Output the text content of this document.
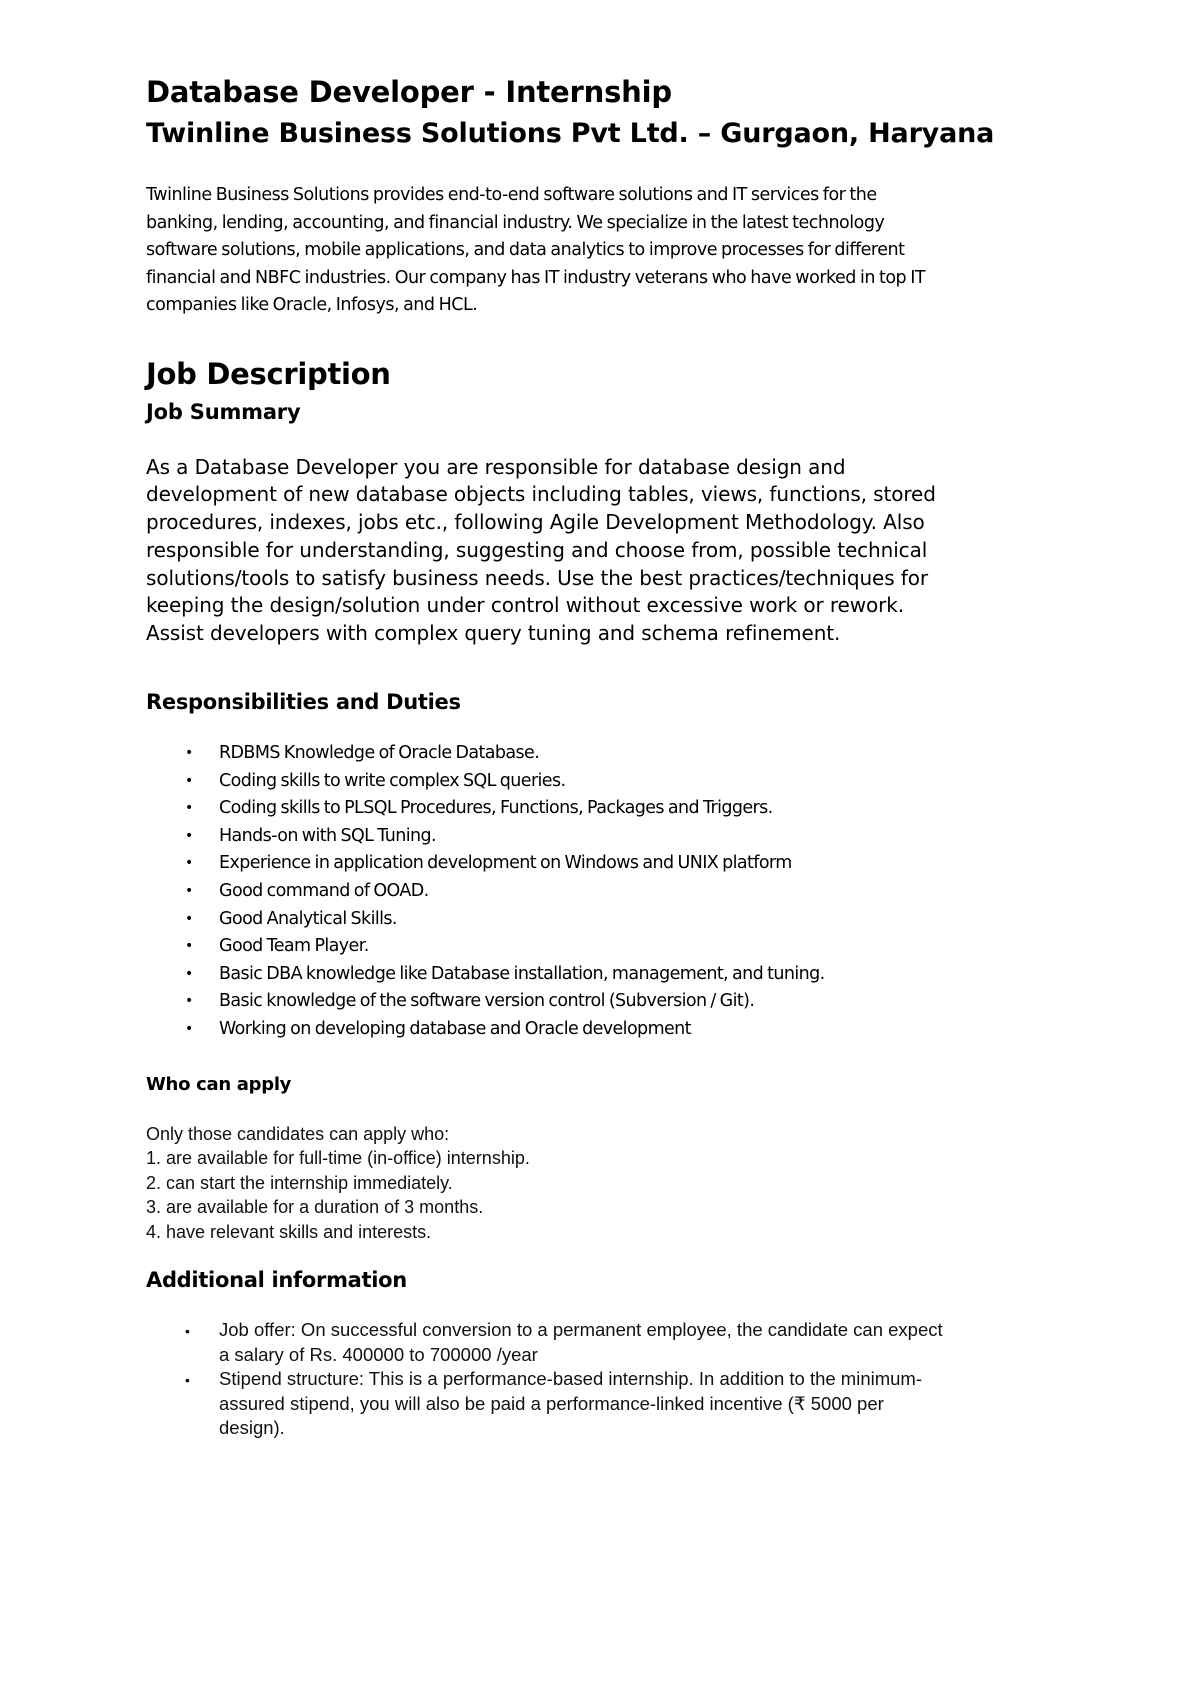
Database Developer - Internship
Twinline Business Solutions Pvt Ltd. – Gurgaon, Haryana
Twinline Business Solutions provides end-to-end software solutions and IT services for the
banking, lending, accounting, and financial industry. We specialize in the latest technology
software solutions, mobile applications, and data analytics to improve processes for different
financial and NBFC industries. Our company has IT industry veterans who have worked in top IT
companies like Oracle, Infosys, and HCL.
Job Description
Job Summary
As a Database Developer you are responsible for database design and
development of new database objects including tables, views, functions, stored
procedures, indexes, jobs etc., following Agile Development Methodology. Also
responsible for understanding, suggesting and choose from, possible technical
solutions/tools to satisfy business needs. Use the best practices/techniques for
keeping the design/solution under control without excessive work or rework.
Assist developers with complex query tuning and schema refinement.
Responsibilities and Duties
• RDBMS Knowledge of Oracle Database.
• Coding skills to write complex SQL queries.
• Coding skills to PLSQL Procedures, Functions, Packages and Triggers.
• Hands-on with SQL Tuning.
• Experience in application development on Windows and UNIX platform
• Good command of OOAD.
• Good Analytical Skills.
• Good Team Player.
• Basic DBA knowledge like Database installation, management, and tuning.
• Basic knowledge of the software version control (Subversion / Git).
• Working on developing database and Oracle development
Who can apply
Only those candidates can apply who:
1. are available for full-time (in-office) internship.
2. can start the internship immediately.
3. are available for a duration of 3 months.
4. have relevant skills and interests.
Additional information
• Job offer: On successful conversion to a permanent employee, the candidate can expect
a salary of Rs. 400000 to 700000 /year
• Stipend structure: This is a performance-based internship. In addition to the minimum-
assured stipend, you will also be paid a performance-linked incentive (₹ 5000 per
design).
